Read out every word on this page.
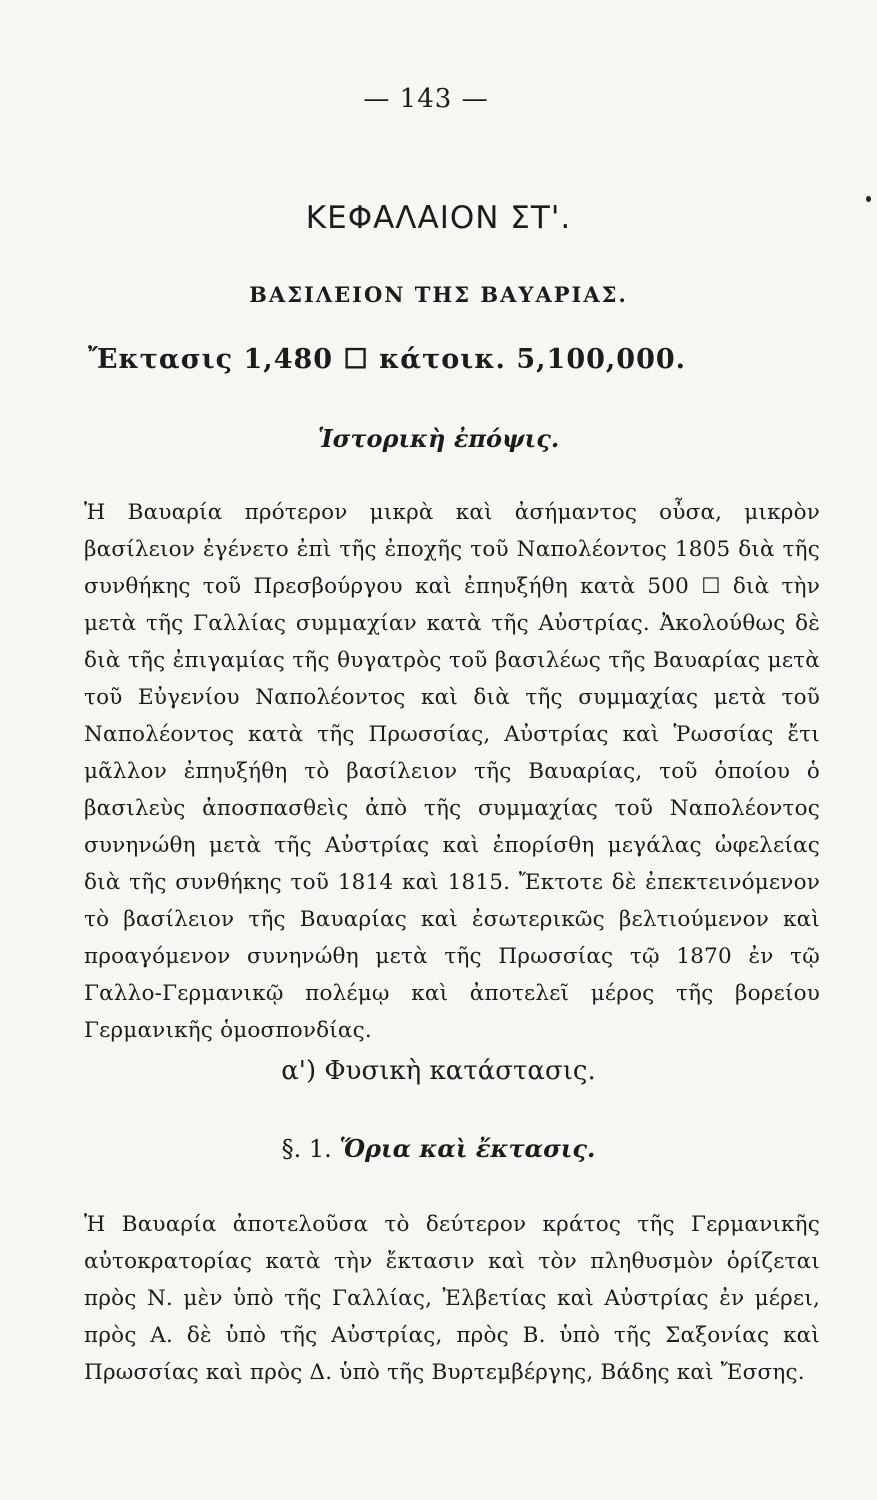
— 143 —
ΚΕΦΑΛΑΙΟΝ ΣΤ'.
ΒΑΣΙΛΕΙΟΝ ΤΗΣ ΒΑΥΑΡΙΑΣ.
Ἔκτασις 1,480 ☐ κάτοικ. 5,100,000.
Ἱστορικὴ ἐπόψις.
Ἡ Βαυαρία πρότερον μικρὰ καὶ ἀσήμαντος οὖσα, μικρὸν βασίλειον ἐγένετο ἐπὶ τῆς ἐποχῆς τοῦ Ναπολέοντος 1805 διὰ τῆς συνθήκης τοῦ Πρεσβούργου καὶ ἐπηυξήθη κατὰ 500 ☐ διὰ τὴν μετὰ τῆς Γαλλίας συμμαχίαν κατὰ τῆς Αὐστρίας. Ἀκολούθως δὲ διὰ τῆς ἐπιγαμίας τῆς θυγατρὸς τοῦ βασιλέως τῆς Βαυαρίας μετὰ τοῦ Εὐγενίου Ναπολέοντος καὶ διὰ τῆς συμμαχίας μετὰ τοῦ Ναπολέοντος κατὰ τῆς Πρωσσίας, Αὐστρίας καὶ Ῥωσσίας ἔτι μᾶλλον ἐπηυξήθη τὸ βασίλειον τῆς Βαυαρίας, τοῦ ὁποίου ὁ βασιλεὺς ἀποσπασθεὶς ἀπὸ τῆς συμμαχίας τοῦ Ναπολέοντος συνηνώθη μετὰ τῆς Αὐστρίας καὶ ἐπορίσθη μεγάλας ὠφελείας διὰ τῆς συνθήκης τοῦ 1814 καὶ 1815. Ἔκτοτε δὲ ἐπεκτεινόμενον τὸ βασίλειον τῆς Βαυαρίας καὶ ἐσωτερικῶς βελτιούμενον καὶ προαγόμενον συνηνώθη μετὰ τῆς Πρωσσίας τῷ 1870 ἐν τῷ Γαλλο-Γερμανικῷ πολέμῳ καὶ ἀποτελεῖ μέρος τῆς βορείου Γερμανικῆς ὁμοσπονδίας.
α') Φυσικὴ κατάστασις.
§. 1. Ὅρια καὶ ἔκτασις.
Ἡ Βαυαρία ἀποτελοῦσα τὸ δεύτερον κράτος τῆς Γερμανικῆς αὐτοκρατορίας κατὰ τὴν ἔκτασιν καὶ τὸν πληθυσμὸν ὁρίζεται πρὸς Ν. μὲν ὑπὸ τῆς Γαλλίας, Ἐλβετίας καὶ Αὐστρίας ἐν μέρει, πρὸς Α. δὲ ὑπὸ τῆς Αὐστρίας, πρὸς Β. ὑπὸ τῆς Σαξονίας καὶ Πρωσσίας καὶ πρὸς Δ. ὑπὸ τῆς Βυρτεμβέργης, Βάδης καὶ Ἔσσης.
